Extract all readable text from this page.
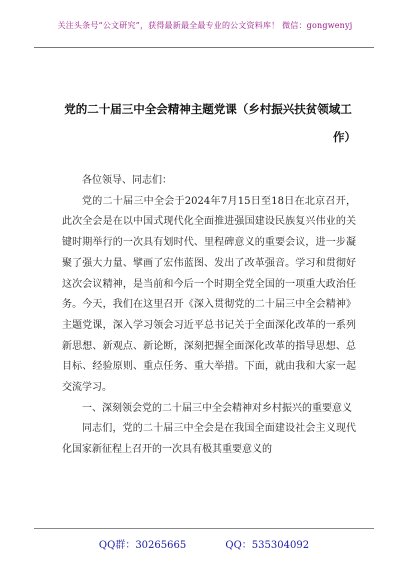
关注头条号“公文研究”，获得最新最全最专业的公文资料库！ 微信：gongwenyj
党的二十届三中全会精神主题党课（乡村振兴扶贫领域工
作）

各位领导、同志们：

党的二十届三中全会于2024年7月15日至18日在北京召开，此次全会是在以中国式现代化全面推进强国建设民族复兴伟业的关键时期举行的一次具有划时代、里程碑意义的重要会议，进一步凝聚了强大力量、擘画了宏伟蓝图、发出了改革强音。学习和贯彻好这次会议精神，是当前和今后一个时期全党全国的一项重大政治任务。今天，我们在这里召开《深入贯彻党的二十届三中全会精神》主题党课，深入学习领会习近平总书记关于全面深化改革的一系列新思想、新观点、新论断，深刻把握全面深化改革的指导思想、总目标、经验原则、重点任务、重大举措。下面，就由我和大家一起交流学习。

一、深刻领会党的二十届三中全会精神对乡村振兴的重要意义

同志们，党的二十届三中全会是在我国全面建设社会主义现代化国家新征程上召开的一次具有极其重要意义的

QQ群：30265665	QQ：535304092
